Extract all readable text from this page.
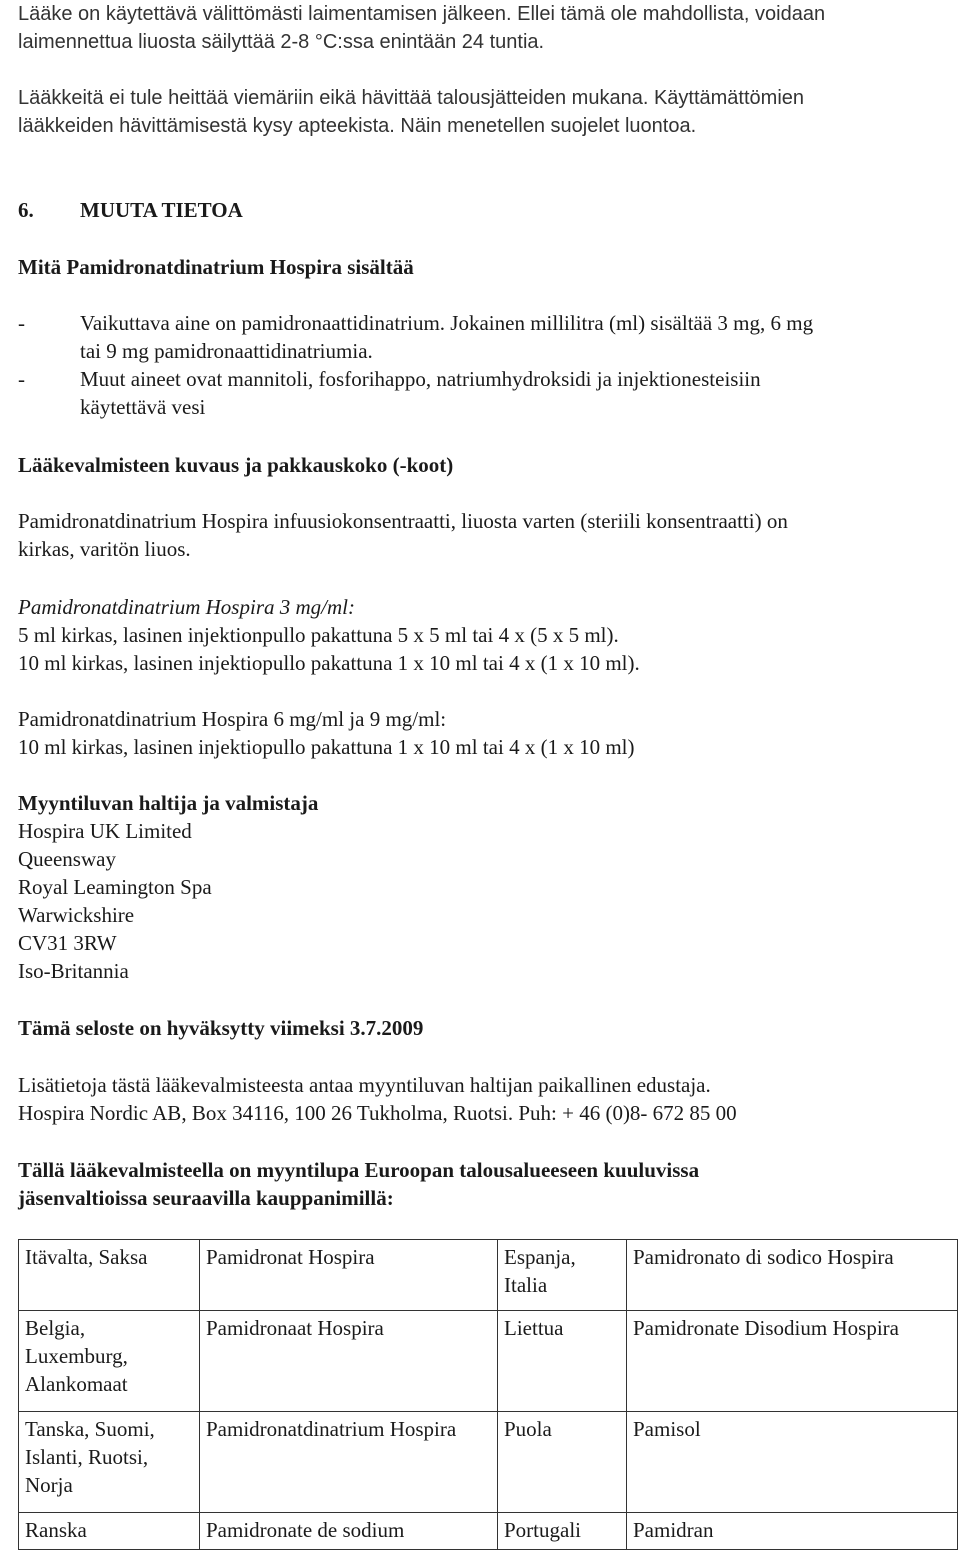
Lääke on käytettävä välittömästi laimentamisen jälkeen. Ellei tämä ole mahdollista, voidaan

laimennettua liuosta säilyttää 2-8 °C:ssa enintään 24 tuntia.

Lääkkeitä ei tule heittää viemäriin eikä hävittää talousjätteiden mukana. Käyttämättömien

lääkkeiden hävittämisestä kysy apteekista. Näin menetellen suojelet luontoa.

6. MUUTA TIETOA
Mitä Pamidronatdinatrium Hospira sisältää
-	Vaikuttava aine on pamidronaattidinatrium. Jokainen millilitra (ml) sisältää 3 mg, 6 mg

tai 9 mg pamidronaattidinatriumia.

-	Muut aineet ovat mannitoli, fosforihappo, natriumhydroksidi ja injektionesteisiin

käytettävä vesi

Lääkevalmisteen kuvaus ja pakkauskoko (-koot)

Pamidronatdinatrium Hospira infuusiokonsentraatti, liuosta varten (steriili konsentraatti) on

kirkas, varitön liuos.

Pamidronatdinatrium Hospira 3 mg/ml:

5 ml kirkas, lasinen injektionpullo pakattuna 5 x 5 ml tai 4 x (5 x 5 ml).

10 ml kirkas, lasinen injektiopullo pakattuna 1 x 10 ml tai 4 x (1 x 10 ml).

Pamidronatdinatrium Hospira 6 mg/ml ja 9 mg/ml:

10 ml kirkas, lasinen injektiopullo pakattuna 1 x 10 ml tai 4 x (1 x 10 ml)

Myyntiluvan haltija ja valmistaja

Hospira UK Limited

Queensway

Royal Leamington Spa

Warwickshire

CV31 3RW

Iso-Britannia

Tämä seloste on hyväksytty viimeksi 3.7.2009

Lisätietoja tästä lääkevalmisteesta antaa myyntiluvan haltijan paikallinen edustaja.

Hospira Nordic AB, Box 34116, 100 26 Tukholma, Ruotsi. Puh: + 46 (0)8- 672 85 00

Tällä lääkevalmisteella on myyntilupa Euroopan talousalueeseen kuuluvissa

jäsenvaltioissa seuraavilla kauppanimillä:

Itävalta, Saksa	Pamidronat Hospira	Espanja, Italia	Pamidronato di sodico Hospira
Belgia, Luxemburg, Alankomaat	Pamidronaat Hospira	Liettua	Pamidronate Disodium Hospira
Tanska, Suomi, Islanti, Ruotsi, Norja	Pamidronatdinatrium Hospira	Puola	Pamisol
Ranska	Pamidronate de sodium	Portugali	Pamidran
